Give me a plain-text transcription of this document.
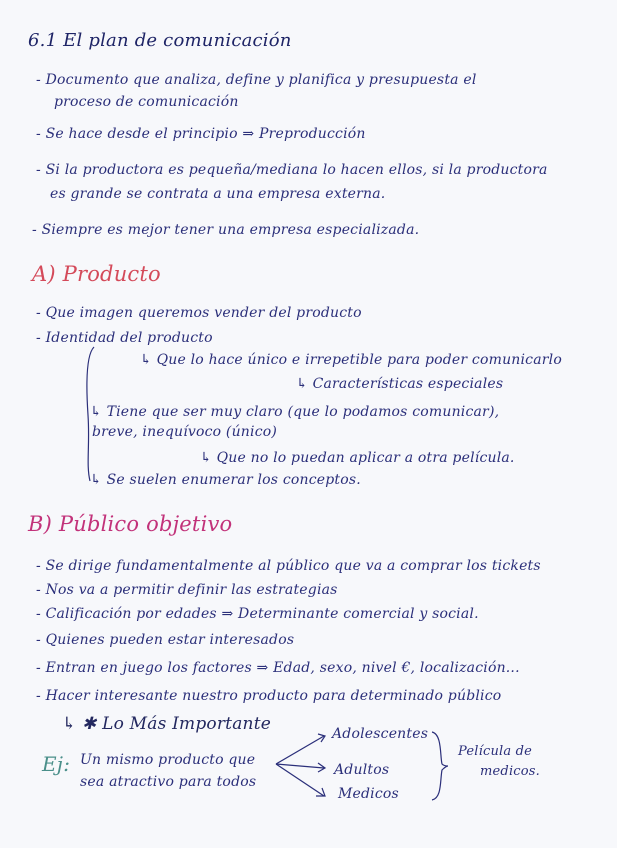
6.1 El plan de comunicación
- Documento que analiza, define y planifica y presupuesta el
proceso de comunicación
- Se hace desde el principio ⇒ Preproducción
- Si la productora es pequeña/mediana lo hacen ellos, si la productora
es grande se contrata a una empresa externa.
- Siempre es mejor tener una empresa especializada.
A) Producto
- Que imagen queremos vender del producto
- Identidad del producto
↳ Que lo hace único e irrepetible para poder comunicarlo
↳ Características especiales
↳ Tiene que ser muy claro (que lo podamos comunicar),
breve, inequívoco (único)
↳ Que no lo puedan aplicar a otra película.
↳ Se suelen enumerar los conceptos.
B) Público objetivo
- Se dirige fundamentalmente al público que va a comprar los tickets
- Nos va a permitir definir las estrategias
- Calificación por edades ⇒ Determinante comercial y social.
- Quienes pueden estar interesados
- Entran en juego los factores ⇒ Edad, sexo, nivel €, localización...
- Hacer interesante nuestro producto para determinado público
↳ ✱ Lo Más Importante
Ej: Un mismo producto que
sea atractivo para todos
Adolescentes
Adultos
Medicos
Película de
medicos.
